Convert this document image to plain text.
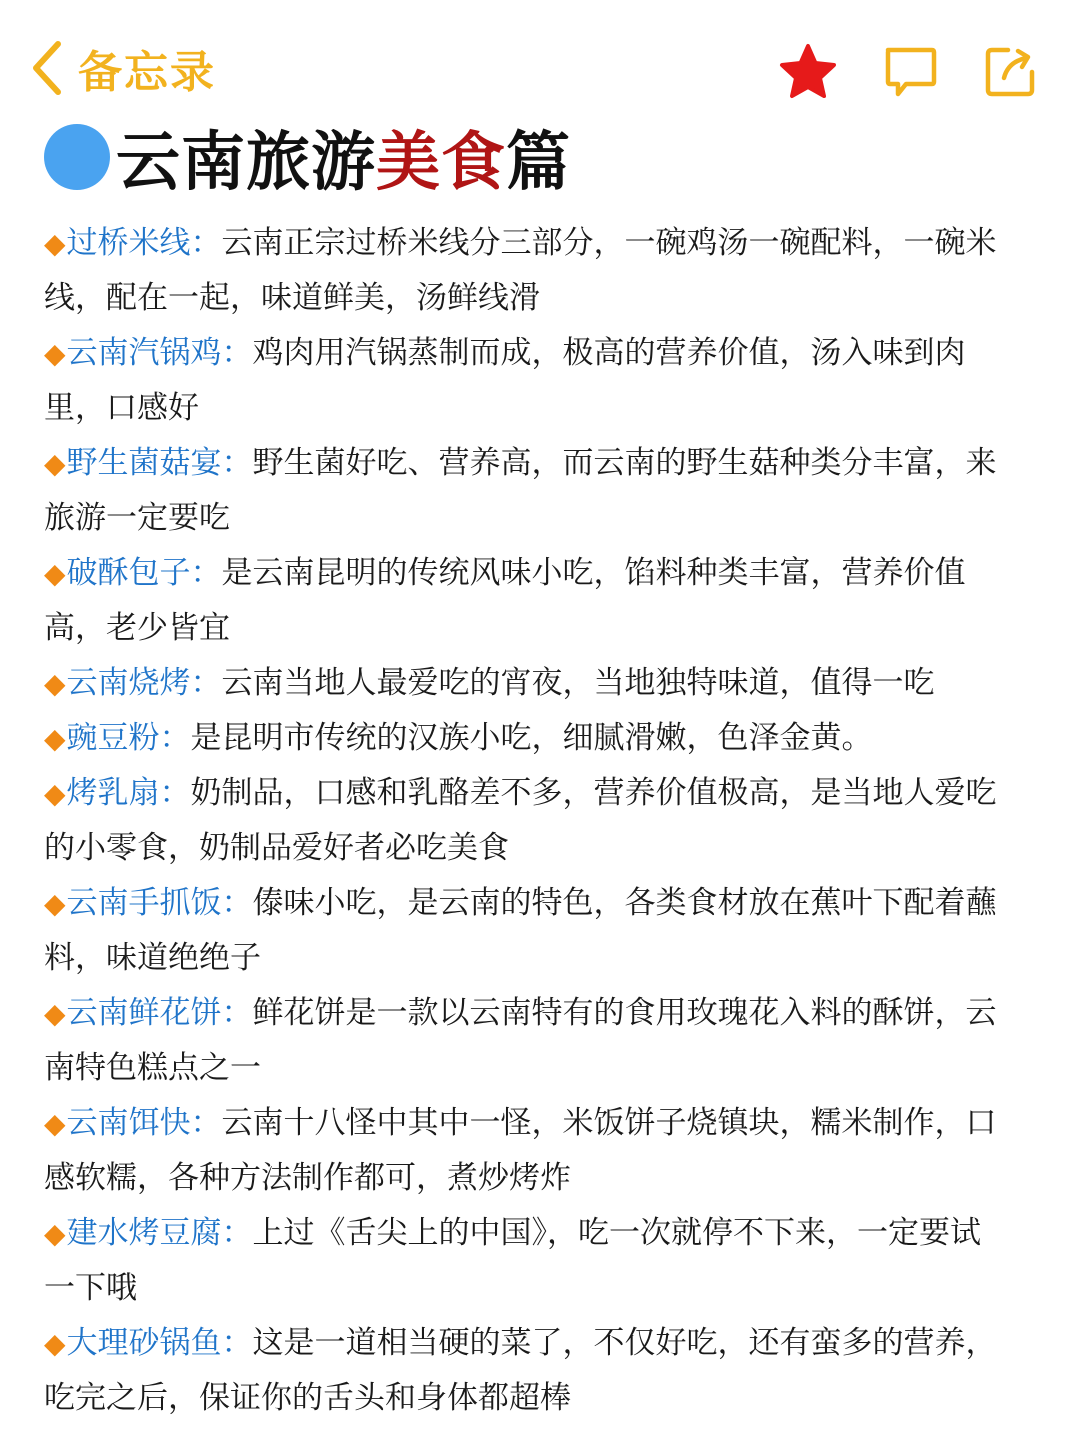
备忘录
云南旅游美食篇

◆过桥米线：云南正宗过桥米线分三部分，一碗鸡汤一碗配料，一碗米线，配在一起，味道鲜美，汤鲜线滑

◆云南汽锅鸡：鸡肉用汽锅蒸制而成，极高的营养价值，汤入味到肉里，口感好

◆野生菌菇宴：野生菌好吃、营养高，而云南的野生菇种类分丰富，来旅游一定要吃

◆破酥包子：是云南昆明的传统风味小吃，馅料种类丰富，营养价值高，老少皆宜

◆云南烧烤：云南当地人最爱吃的宵夜，当地独特味道，值得一吃

◆豌豆粉：是昆明市传统的汉族小吃，细腻滑嫩，色泽金黄。

◆烤乳扇：奶制品，口感和乳酪差不多，营养价值极高，是当地人爱吃的小零食，奶制品爱好者必吃美食

◆云南手抓饭：傣味小吃，是云南的特色，各类食材放在蕉叶下配着蘸料，味道绝绝子

◆云南鲜花饼：鲜花饼是一款以云南特有的食用玫瑰花入料的酥饼，云南特色糕点之一

◆云南饵快：云南十八怪中其中一怪，米饭饼子烧镇块，糯米制作，口感软糯，各种方法制作都可，煮炒烤炸

◆建水烤豆腐：上过《舌尖上的中国》，吃一次就停不下来，一定要试一下哦

◆大理砂锅鱼：这是一道相当硬的菜了，不仅好吃，还有蛮多的营养，吃完之后，保证你的舌头和身体都超棒
